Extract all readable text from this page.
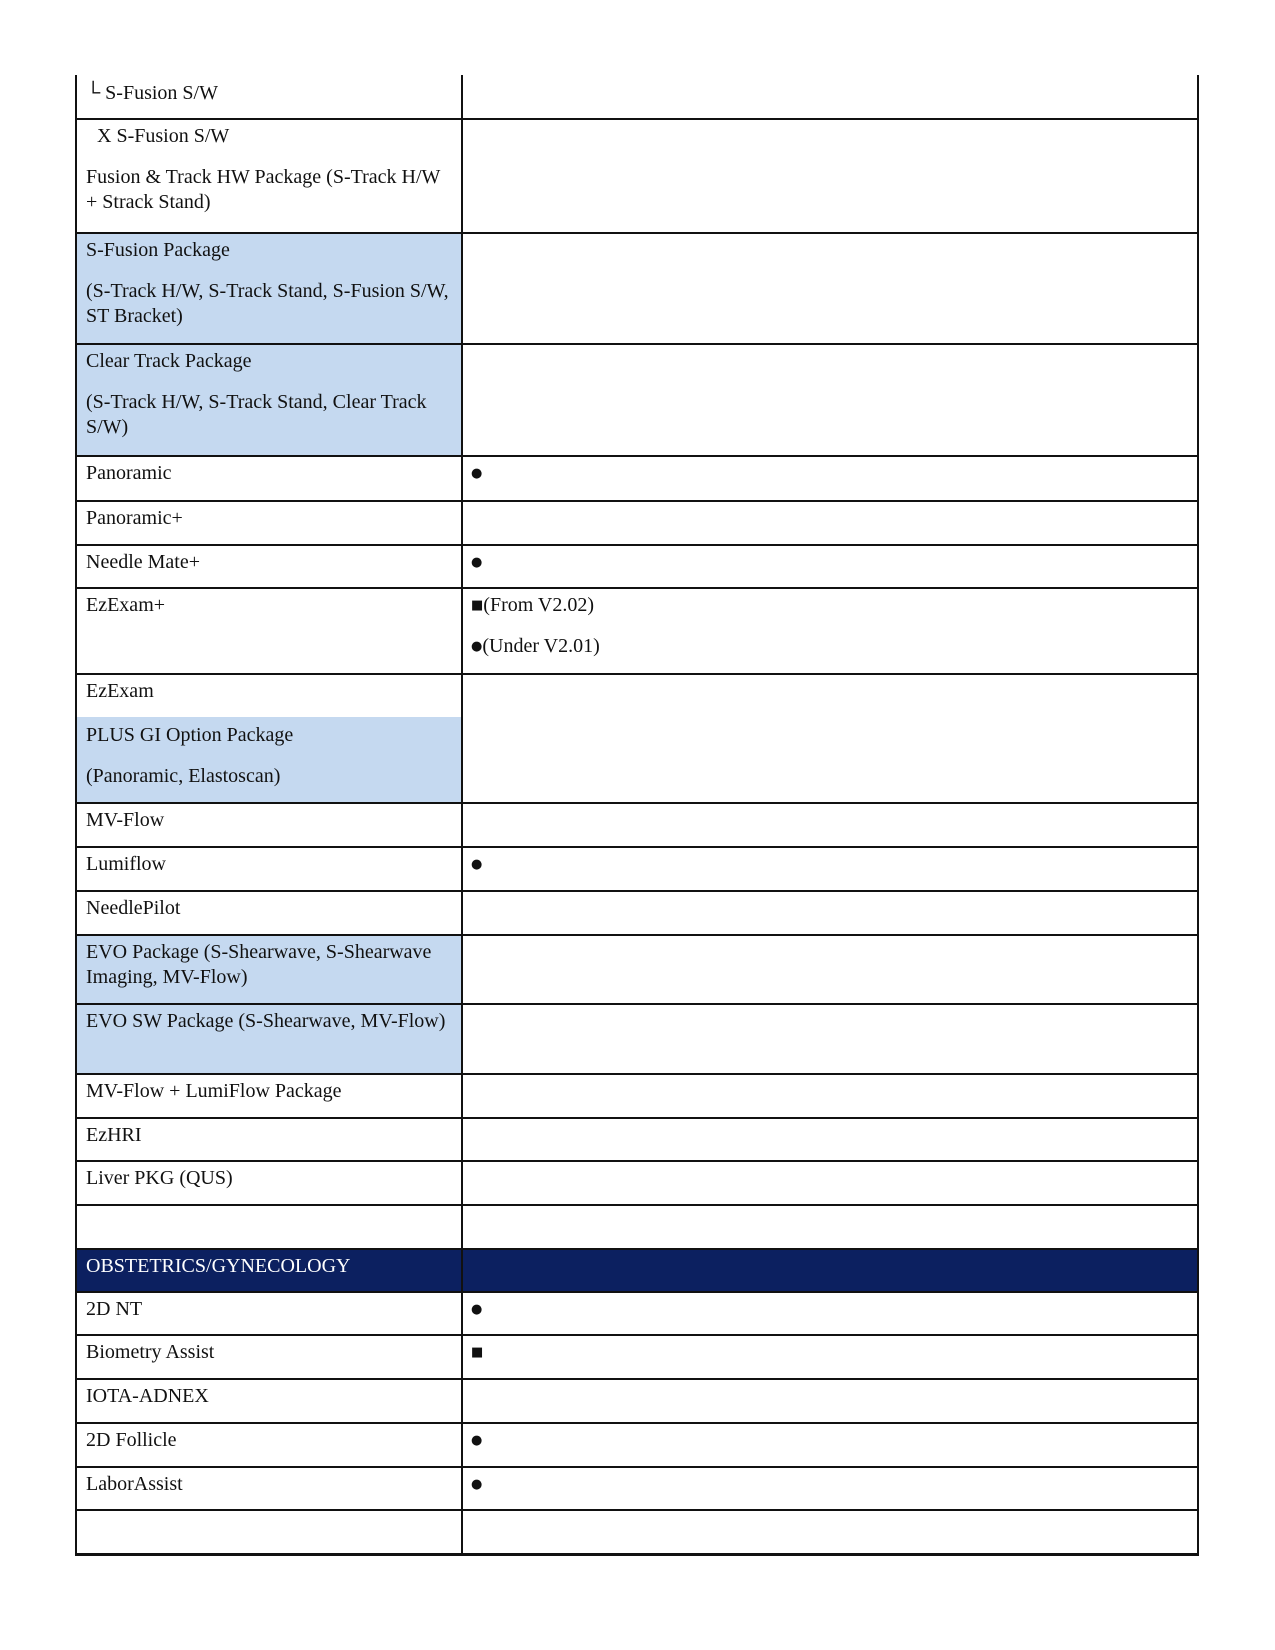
└ S-Fusion S/W
X S-Fusion S/W
Fusion & Track HW Package (S-Track H/W + Strack Stand)
S-Fusion Package
(S-Track H/W, S-Track Stand, S-Fusion S/W, ST Bracket)
Clear Track Package
(S-Track H/W, S-Track Stand, Clear Track S/W)
Panoramic
Panoramic+
Needle Mate+
EzExam+
EzExam
PLUS GI Option Package
(Panoramic, Elastoscan)
MV-Flow
Lumiflow
NeedlePilot
EVO Package (S-Shearwave, S-Shearwave Imaging, MV-Flow)
EVO SW Package (S-Shearwave, MV-Flow)
MV-Flow + LumiFlow Package
EzHRI
Liver PKG (QUS)
OBSTETRICS/GYNECOLOGY
2D NT
Biometry Assist
IOTA-ADNEX
2D Follicle
LaborAssist
●
●
■(From V2.02)
●(Under V2.01)
●
●
■
●
●
